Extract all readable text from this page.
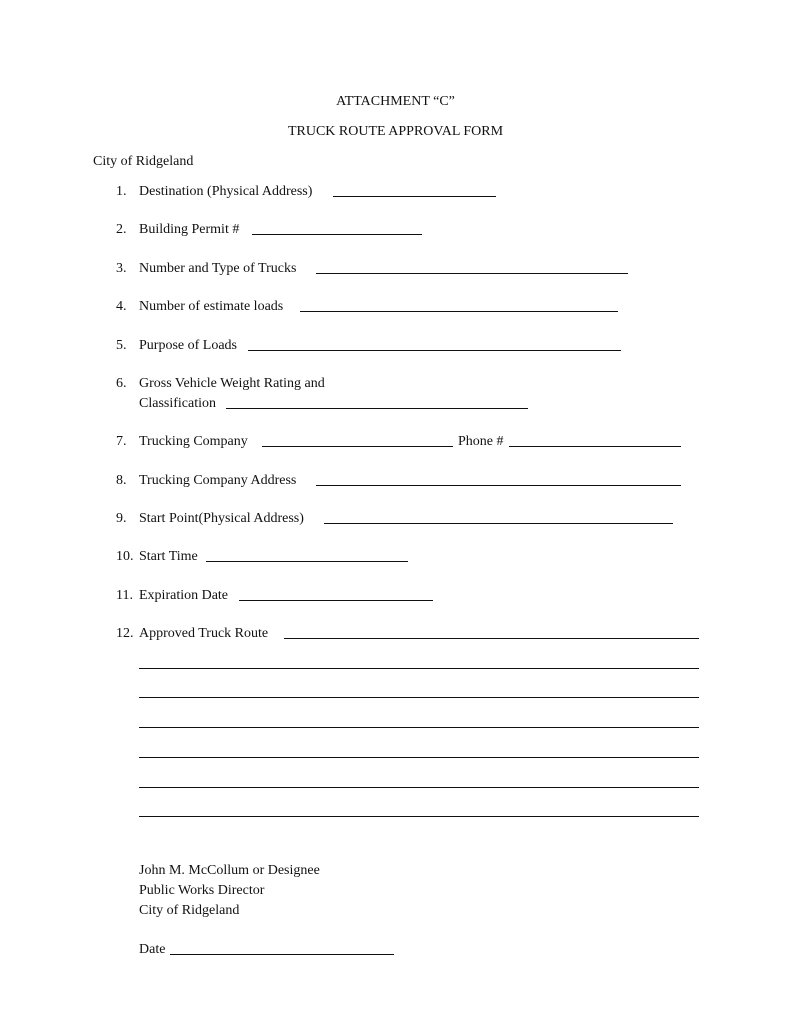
ATTACHMENT “C”
TRUCK ROUTE APPROVAL FORM
City of Ridgeland
1. Destination (Physical Address)
2. Building Permit #
3. Number and Type of Trucks
4. Number of estimate loads
5. Purpose of Loads
6. Gross Vehicle Weight Rating and
Classification
7. Trucking Company	Phone #
8. Trucking Company Address
9. Start Point(Physical Address)
10. Start Time
11. Expiration Date
12. Approved Truck Route
John M. McCollum or Designee
Public Works Director
City of Ridgeland
Date
